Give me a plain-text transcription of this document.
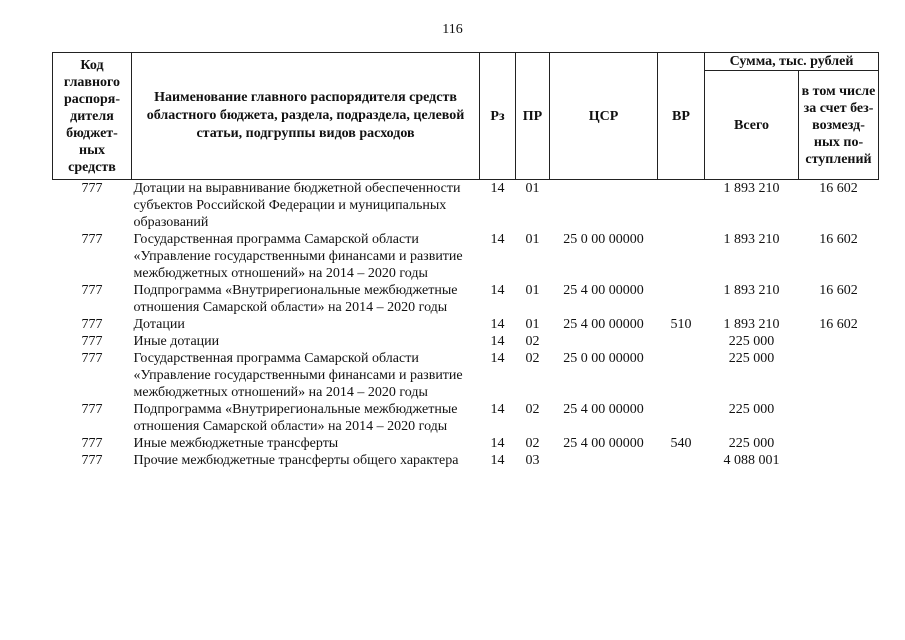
116
Код главного распоря-дителя бюджет-ных средств	Наименование главного распорядителя средств областного бюджета, раздела, подраздела, целевой статьи, подгруппы видов расходов	Рз	ПР	ЦСР	ВР	Сумма, тыс. рублей	
						Всего	в том числе за счет без-возмезд-ных по-ступлений
777	Дотации на выравнивание бюджетной обеспеченности субъектов Российской Федерации и муниципальных образований	14	01			1 893 210	16 602
777	Государственная программа Самарской области «Управление государственными финансами и развитие межбюджетных отношений» на 2014 – 2020 годы	14	01	25 0 00 00000		1 893 210	16 602
777	Подпрограмма «Внутрирегиональные межбюджетные отношения Самарской области» на 2014 – 2020 годы	14	01	25 4 00 00000		1 893 210	16 602
777	Дотации	14	01	25 4 00 00000	510	1 893 210	16 602
777	Иные дотации	14	02			225 000	
777	Государственная программа Самарской области «Управление государственными финансами и развитие межбюджетных отношений» на 2014 – 2020 годы	14	02	25 0 00 00000		225 000	
777	Подпрограмма «Внутрирегиональные межбюджетные отношения Самарской области» на 2014 – 2020 годы	14	02	25 4 00 00000		225 000	
777	Иные межбюджетные трансферты	14	02	25 4 00 00000	540	225 000	
777	Прочие межбюджетные трансферты общего характера	14	03			4 088 001	
